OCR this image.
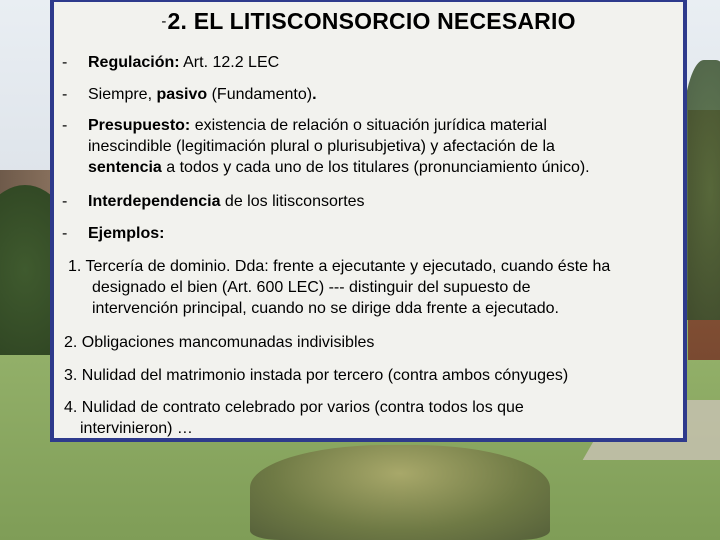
-2. EL LITISCONSORCIO NECESARIO
- Regulación: Art. 12.2 LEC
- Siempre, pasivo (Fundamento).
- Presupuesto: existencia de relación o situación jurídica material
inescindible (legitimación plural o plurisubjetiva) y afectación de la
sentencia a todos y cada uno de los titulares (pronunciamiento único).
- Interdependencia de los litisconsortes
- Ejemplos:
1. Tercería de dominio. Dda: frente a ejecutante y ejecutado, cuando éste ha
designado el bien (Art. 600 LEC) --- distinguir del supuesto de
intervención principal, cuando no se dirige dda frente a ejecutado.
2. Obligaciones mancomunadas indivisibles
3. Nulidad del matrimonio instada por tercero (contra ambos cónyuges)
4. Nulidad de contrato celebrado por varios (contra todos los que
intervinieron) …
